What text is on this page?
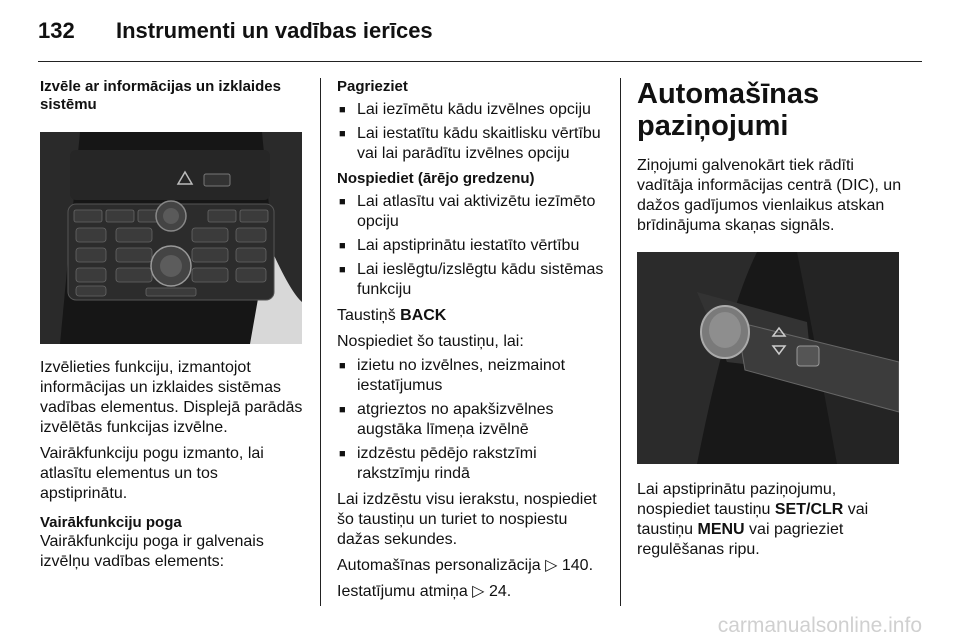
132 Instrumenti un vadības ierīces

Izvēle ar informācijas un izklaides sistēmu

Izvēlieties funkciju, izmantojot informācijas un izklaides sistēmas vadības elementus. Displejā parādās izvēlētās funkcijas izvēlne.

Vairākfunkciju pogu izmanto, lai atlasītu elementus un tos apstiprinātu.

Vairākfunkciju poga

Vairākfunkciju poga ir galvenais izvēlņu vadības elements:

Pagrieziet

■ Lai iezīmētu kādu izvēlnes opciju
■ Lai iestatītu kādu skaitlisku vērtību vai lai parādītu izvēlnes opciju

Nospiediet (ārējo gredzenu)

■ Lai atlasītu vai aktivizētu iezīmēto opciju
■ Lai apstiprinātu iestatīto vērtību
■ Lai ieslēgtu/izslēgtu kādu sistēmas funkciju

Taustiņš BACK

Nospiediet šo taustiņu, lai:

■ izietu no izvēlnes, neizmainot iestatījumus
■ atgrieztos no apakšizvēlnes augstāka līmeņa izvēlnē
■ izdzēstu pēdējo rakstzīmi rakstzīmju rindā

Lai izdzēstu visu ierakstu, nospiediet šo taustiņu un turiet to nospiestu dažas sekundes.

Automašīnas personalizācija ▷ 140.

Iestatījumu atmiņa ▷ 24.

Automašīnas paziņojumi

Ziņojumi galvenokārt tiek rādīti vadītāja informācijas centrā (DIC), un dažos gadījumos vienlaikus atskan brīdinājuma skaņas signāls.

Lai apstiprinātu paziņojumu, nospiediet taustiņu SET/CLR vai taustiņu MENU vai pagrieziet regulēšanas ripu.

carmanualsonline.info
